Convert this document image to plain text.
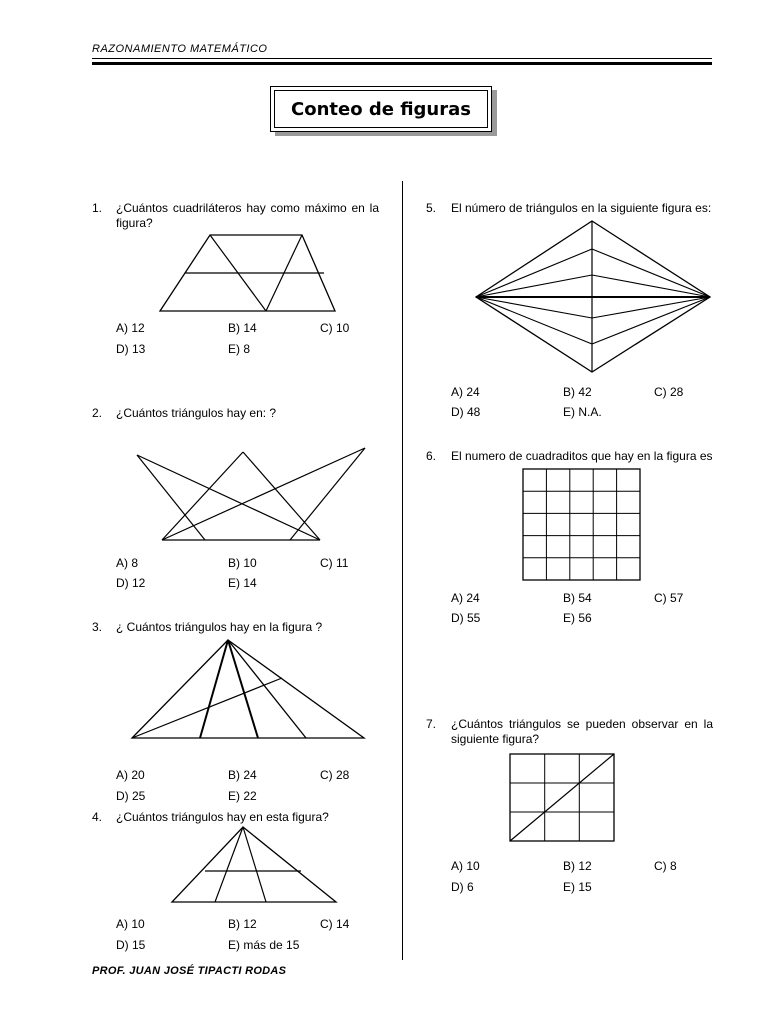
RAZONAMIENTO MATEMÁTICO
Conteo de figuras
1. ¿Cuántos cuadriláteros hay como máximo en la figura?
A) 12	B) 14	C) 10
D) 13	E) 8
2. ¿Cuántos triángulos hay en: ?
A) 8	B) 10	C) 11
D) 12	E) 14
3. ¿ Cuántos triángulos hay en la figura ?
A) 20	B) 24	C) 28
D) 25	E) 22
4. ¿Cuántos triángulos hay en esta figura?
A) 10	B) 12	C) 14
D) 15	E) más de 15
5. El número de triángulos en la siguiente figura es:
A) 24	B) 42	C) 28
D) 48	E) N.A.
6. El numero de cuadraditos que hay en la figura es
A) 24	B) 54	C) 57
D) 55	E) 56
7. ¿Cuántos triángulos se pueden observar en la siguiente figura?
A) 10	B) 12	C) 8
D) 6	E) 15
PROF. JUAN JOSÉ TIPACTI RODAS
